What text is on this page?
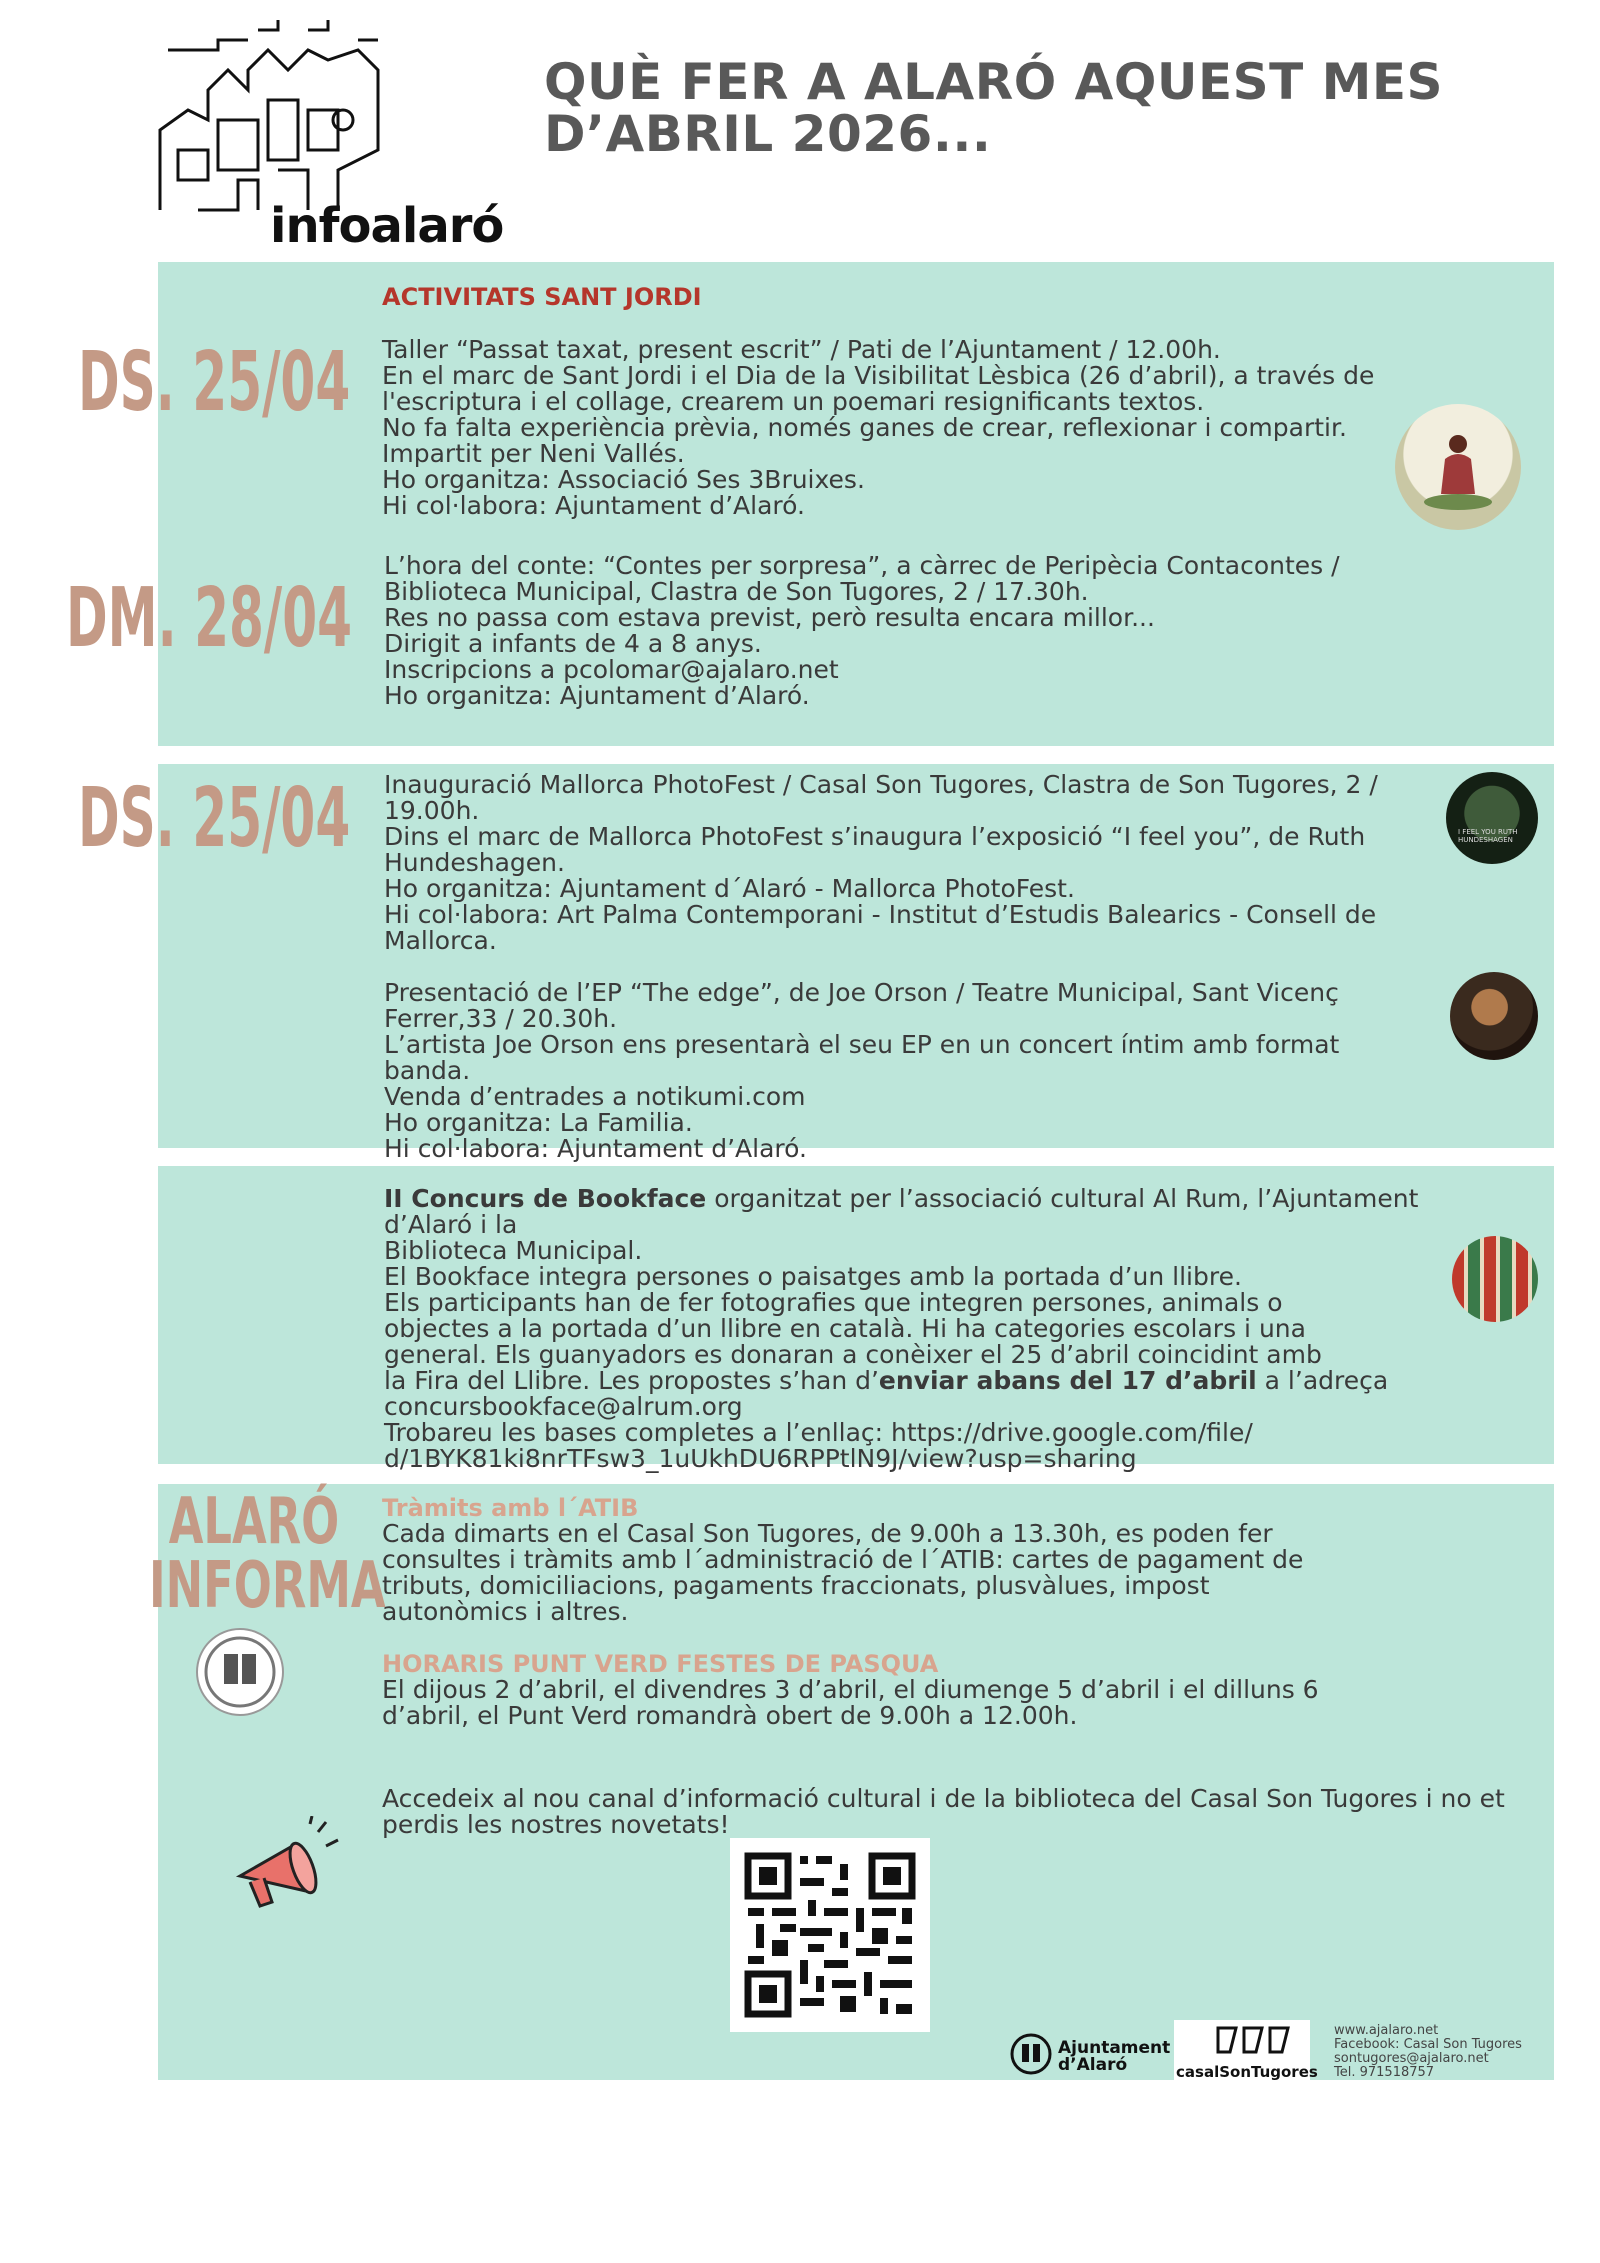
infoalaró
QUÈ FER A ALARÓ AQUEST MES
D’ABRIL 2026...
ACTIVITATS SANT JORDI
DS. 25/04 Taller “Passat taxat, present escrit” / Pati de l’Ajuntament / 12.00h.
En el marc de Sant Jordi i el Dia de la Visibilitat Lèsbica (26 d’abril), a través de
l'escriptura i el collage, crearem un poemari resignificants textos.
No fa falta experiència prèvia, només ganes de crear, reflexionar i compartir.
Impartit per Neni Vallés.
Ho organitza: Associació Ses 3Bruixes.
Hi col·labora: Ajuntament d’Alaró.
DM. 28/04
L’hora del conte: “Contes per sorpresa”, a càrrec de Peripècia Contacontes /
Biblioteca Municipal, Clastra de Son Tugores, 2 / 17.30h.
Res no passa com estava previst, però resulta encara millor...
Dirigit a infants de 4 a 8 anys.
Inscripcions a pcolomar@ajalaro.net
Ho organitza: Ajuntament d’Alaró.
DS. 25/04 Inauguració Mallorca PhotoFest / Casal Son Tugores, Clastra de Son Tugores, 2 /
19.00h.
Dins el marc de Mallorca PhotoFest s’inaugura l’exposició “I feel you”, de Ruth
Hundeshagen.
Ho organitza: Ajuntament d´Alaró - Mallorca PhotoFest.
Hi col·labora: Art Palma Contemporani - Institut d’Estudis Balearics - Consell de
Mallorca.
I FEEL YOU RUTH HUNDESHAGEN
Presentació de l’EP “The edge”, de Joe Orson / Teatre Municipal, Sant Vicenç
Ferrer,33 / 20.30h.
L’artista Joe Orson ens presentarà el seu EP en un concert íntim amb format banda.
Venda d’entrades a notikumi.com
Ho organitza: La Familia.
Hi col·labora: Ajuntament d’Alaró.
II Concurs de Bookface organitzat per l’associació cultural Al Rum, l’Ajuntament d’Alaró i la
Biblioteca Municipal.
El Bookface integra persones o paisatges amb la portada d’un llibre.
Els participants han de fer fotografies que integren persones, animals o
objectes a la portada d’un llibre en català. Hi ha categories escolars i una
general. Els guanyadors es donaran a conèixer el 25 d’abril coincidint amb
la Fira del Llibre. Les propostes s’han d’enviar abans del 17 d’abril a l’adreça
concursbookface@alrum.org
Trobareu les bases completes a l’enllaç: https://drive.google.com/file/
d/1BYK81ki8nrTFsw3_1uUkhDU6RPPtlN9J/view?usp=sharing
ALARÓ
INFORMA
Tràmits amb l´ATIB
Cada dimarts en el Casal Son Tugores, de 9.00h a 13.30h, es poden fer
consultes i tràmits amb l´administració de l´ATIB: cartes de pagament de
tributs, domiciliacions, pagaments fraccionats, plusvàlues, impost
autonòmics i altres.
HORARIS PUNT VERD FESTES DE PASQUA
El dijous 2 d’abril, el divendres 3 d’abril, el diumenge 5 d’abril i el dilluns 6
d’abril, el Punt Verd romandrà obert de 9.00h a 12.00h.
Accedeix al nou canal d’informació cultural i de la biblioteca del Casal Son Tugores i no et
perdis les nostres novetats!
Ajuntament
d’Alaró	casalSonTugores
www.ajalaro.net
Facebook: Casal Son Tugores
sontugores@ajalaro.net
Tel. 971518757
